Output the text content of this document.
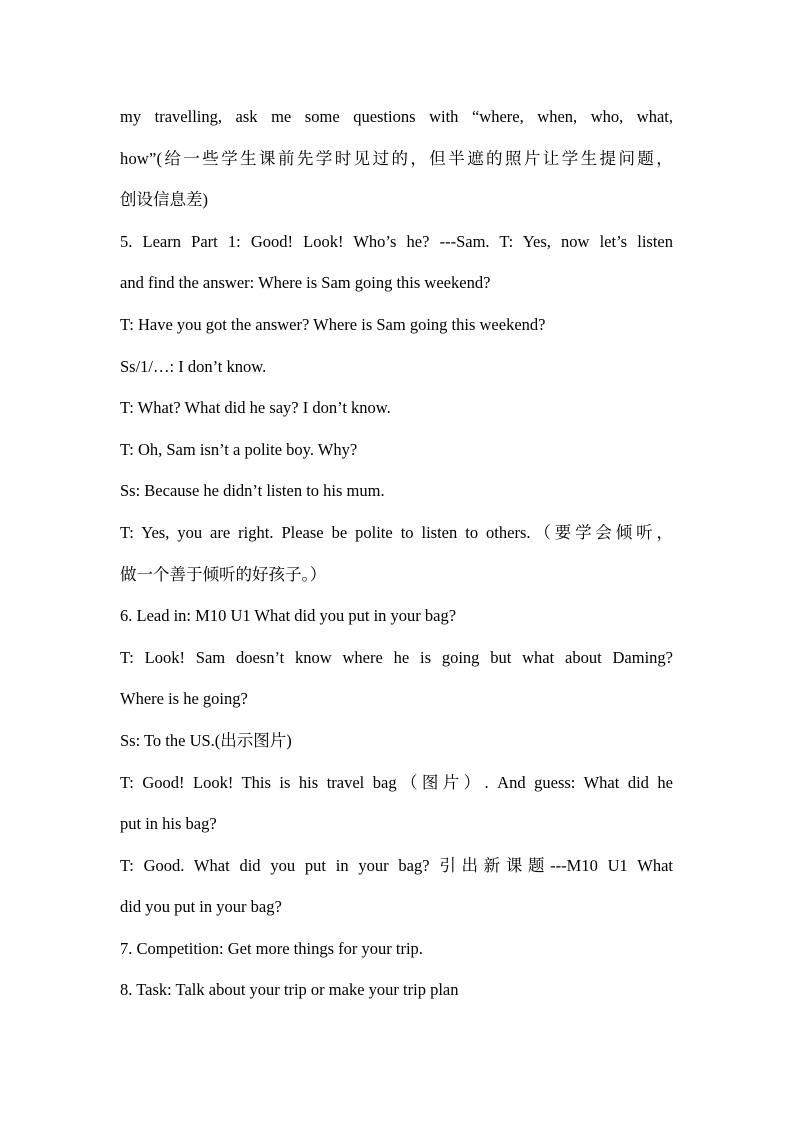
my travelling, ask me some questions with “where, when, who, what,
how”(给一些学生课前先学时见过的，但半遮的照片让学生提问题，
创设信息差)
5. Learn Part 1: Good! Look! Who’s he? ---Sam. T: Yes, now let’s listen
and find the answer: Where is Sam going this weekend?
T: Have you got the answer? Where is Sam going this weekend?
Ss/1/…: I don’t know.
T: What? What did he say? I don’t know.
T: Oh, Sam isn’t a polite boy. Why?
Ss: Because he didn’t listen to his mum.
T: Yes, you are right. Please be polite to listen to others.（要学会倾听，
做一个善于倾听的好孩子。）
6. Lead in: M10 U1 What did you put in your bag?
T: Look! Sam doesn’t know where he is going but what about Daming?
Where is he going?
Ss: To the US.(出示图片)
T: Good! Look! This is his travel bag（图片）. And guess: What did he
put in his bag?
T: Good. What did you put in your bag? 引出新课题---M10 U1 What
did you put in your bag?
7. Competition: Get more things for your trip.
8. Task: Talk about your trip or make your trip plan
